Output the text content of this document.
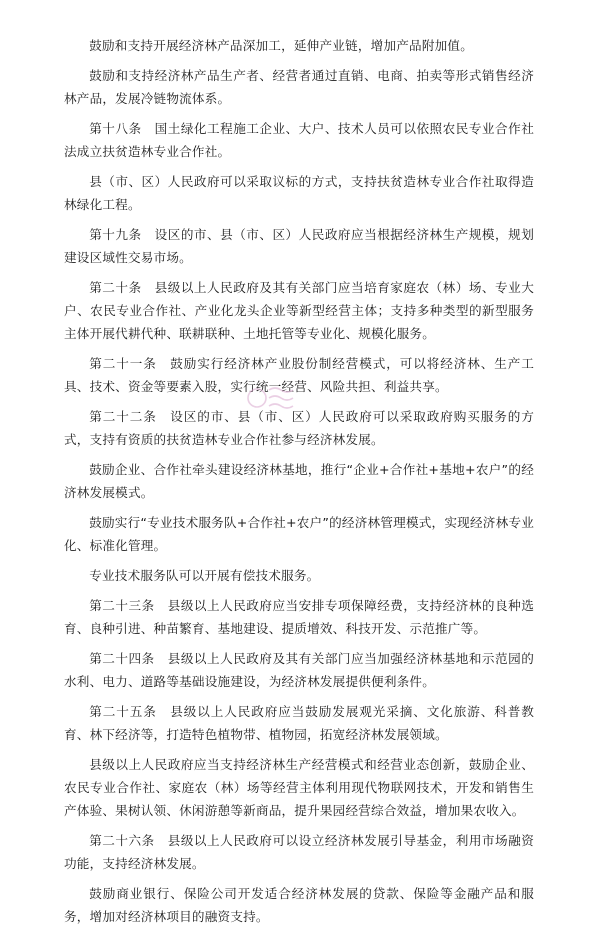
鼓励和支持开展经济林产品深加工，延伸产业链，增加产品附加值。

鼓励和支持经济林产品生产者、经营者通过直销、电商、拍卖等形式销售经济林产品，发展冷链物流体系。

第十八条　国土绿化工程施工企业、大户、技术人员可以依照农民专业合作社法成立扶贫造林专业合作社。

县（市、区）人民政府可以采取议标的方式，支持扶贫造林专业合作社取得造林绿化工程。

第十九条　设区的市、县（市、区）人民政府应当根据经济林生产规模，规划建设区域性交易市场。

第二十条　县级以上人民政府及其有关部门应当培育家庭农（林）场、专业大户、农民专业合作社、产业化龙头企业等新型经营主体；支持多种类型的新型服务主体开展代耕代种、联耕联种、土地托管等专业化、规模化服务。

第二十一条　鼓励实行经济林产业股份制经营模式，可以将经济林、生产工具、技术、资金等要素入股，实行统一经营、风险共担、利益共享。

第二十二条　设区的市、县（市、区）人民政府可以采取政府购买服务的方式，支持有资质的扶贫造林专业合作社参与经济林发展。

鼓励企业、合作社牵头建设经济林基地，推行“企业+合作社+基地+农户”的经济林发展模式。

鼓励实行“专业技术服务队+合作社+农户”的经济林管理模式，实现经济林专业化、标准化管理。

专业技术服务队可以开展有偿技术服务。

第二十三条　县级以上人民政府应当安排专项保障经费，支持经济林的良种选育、良种引进、种苗繁育、基地建设、提质增效、科技开发、示范推广等。

第二十四条　县级以上人民政府及其有关部门应当加强经济林基地和示范园的水利、电力、道路等基础设施建设，为经济林发展提供便利条件。

第二十五条　县级以上人民政府应当鼓励发展观光采摘、文化旅游、科普教育、林下经济等，打造特色植物带、植物园，拓宽经济林发展领域。

县级以上人民政府应当支持经济林生产经营模式和经营业态创新，鼓励企业、农民专业合作社、家庭农（林）场等经营主体利用现代物联网技术，开发和销售生产体验、果树认领、休闲游憩等新商品，提升果园经营综合效益，增加果农收入。

第二十六条　县级以上人民政府可以设立经济林发展引导基金，利用市场融资功能，支持经济林发展。

鼓励商业银行、保险公司开发适合经济林发展的贷款、保险等金融产品和服务，增加对经济林项目的融资支持。
